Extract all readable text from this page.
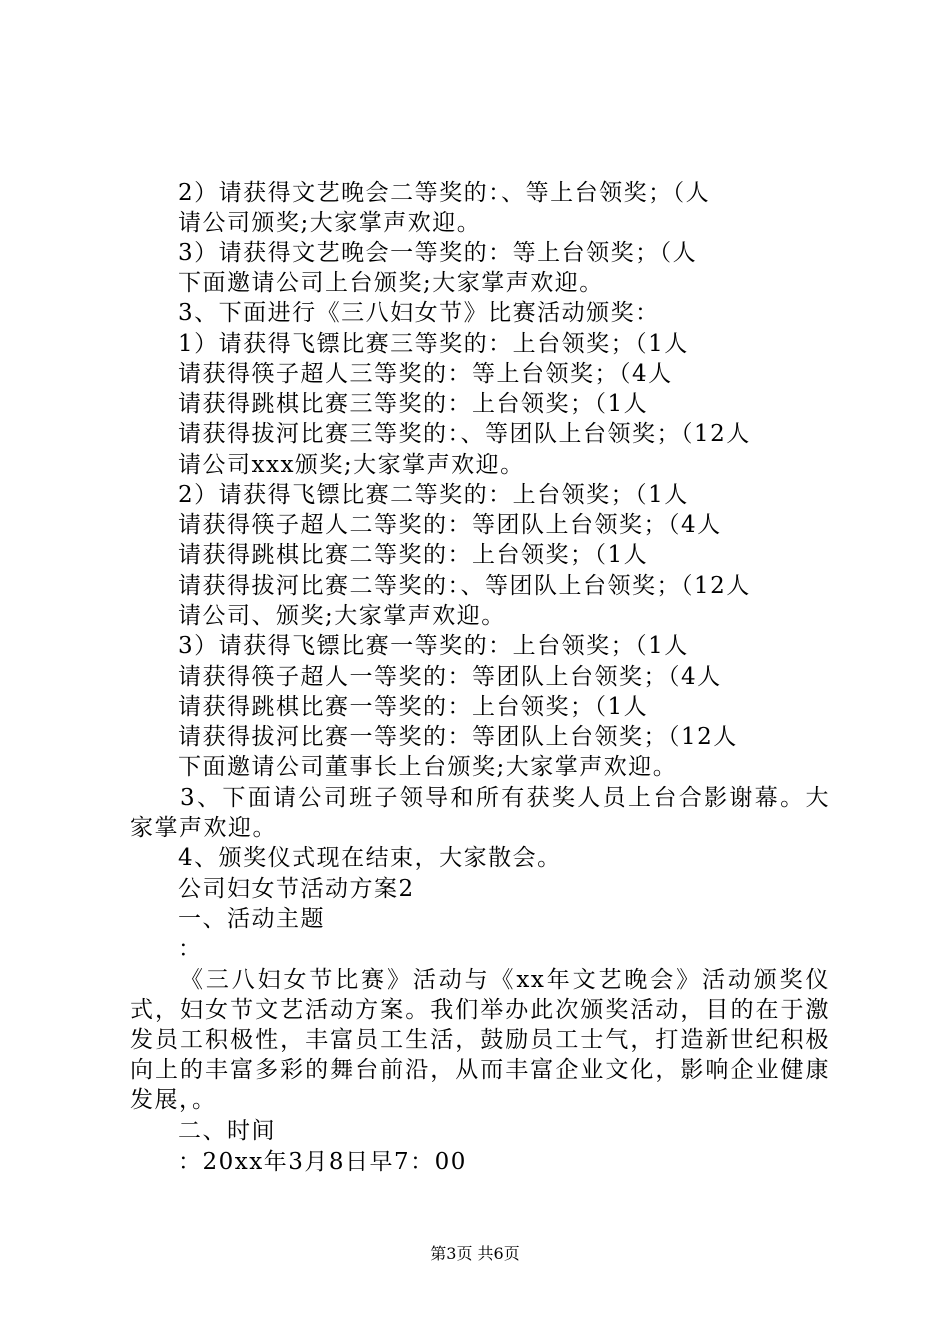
2）请获得文艺晚会二等奖的：、等上台领奖；（人
请公司颁奖;大家掌声欢迎。
3）请获得文艺晚会一等奖的：等上台领奖；（人
下面邀请公司上台颁奖;大家掌声欢迎。
3、下面进行《三八妇女节》比赛活动颁奖：
1）请获得飞镖比赛三等奖的：上台领奖；（1人
请获得筷子超人三等奖的：等上台领奖；（4人
请获得跳棋比赛三等奖的：上台领奖；（1人
请获得拔河比赛三等奖的：、等团队上台领奖；（12人
请公司xxx颁奖;大家掌声欢迎。
2）请获得飞镖比赛二等奖的：上台领奖；（1人
请获得筷子超人二等奖的：等团队上台领奖；（4人
请获得跳棋比赛二等奖的：上台领奖；（1人
请获得拔河比赛二等奖的：、等团队上台领奖；（12人
请公司、颁奖;大家掌声欢迎。
3）请获得飞镖比赛一等奖的：上台领奖；（1人
请获得筷子超人一等奖的：等团队上台领奖；（4人
请获得跳棋比赛一等奖的：上台领奖；（1人
请获得拔河比赛一等奖的：等团队上台领奖；（12人
下面邀请公司董事长上台颁奖;大家掌声欢迎。

3、下面请公司班子领导和所有获奖人员上台合影谢幕。大家掌声欢迎。

4、颁奖仪式现在结束，大家散会。
公司妇女节活动方案2
一、活动主题
：

《三八妇女节比赛》活动与《xx年文艺晚会》活动颁奖仪式，妇女节文艺活动方案。我们举办此次颁奖活动，目的在于激发员工积极性，丰富员工生活，鼓励员工士气，打造新世纪积极向上的丰富多彩的舞台前沿，从而丰富企业文化，影响企业健康发展，。

二、时间
：20xx年3月8日早7：00
第3页 共6页
